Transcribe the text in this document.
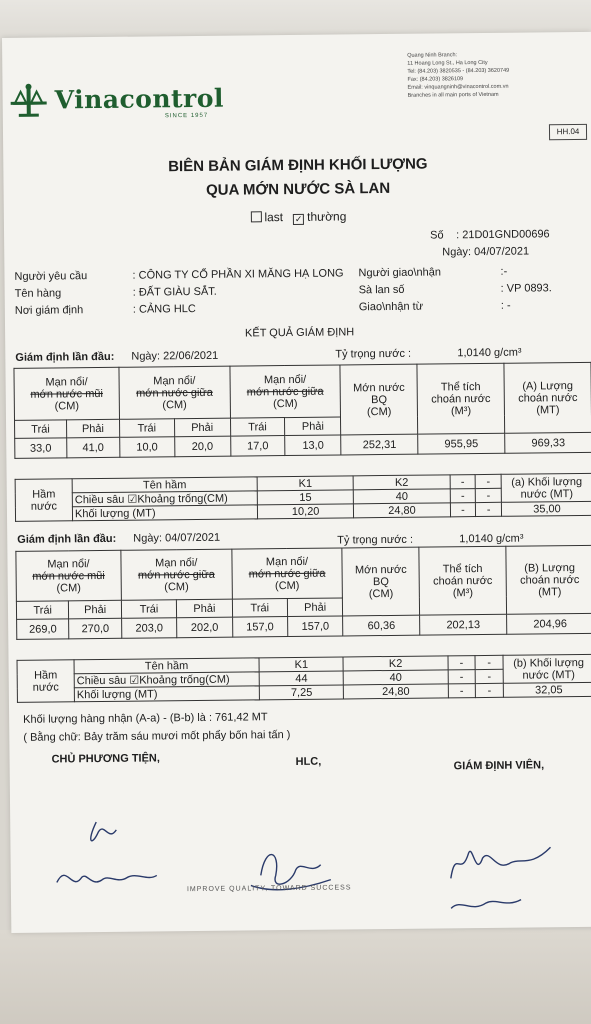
Vinacontrol
SINCE 1957
Quang Ninh Branch:
11 Hoang Long St., Ha Long City
Tel: (84.203) 3820535 - (84.203) 3620749
Fax: (84.203) 3826109
Email: vinquangninh@vinacontrol.com.vn
Branches in all main ports of Vietnam
HH.04
BIÊN BẢN GIÁM ĐỊNH KHỐI LƯỢNG
QUA MỚN NƯỚC SÀ LAN
last ✓ thường
Số : 21D01GND00696
Ngày: 04/07/2021
Người yêu cầu	: CÔNG TY CỔ PHẦN XI MĂNG HẠ LONG Người giao\nhận	:-
Tên hàng	: ĐẤT GIÀU SẮT.	Sà lan số	: VP 0893.
Nơi giám định	: CẢNG HLC	Giao\nhận từ	: -
KẾT QUẢ GIÁM ĐỊNH
Giám định lần đầu: Ngày: 22/06/2021	Tỷ trọng nước :	1,0140 g/cm³
Mạn nổi/
mớn nước mũi
(CM)		Mạn nổi/
mớn nước giữa
(CM)		Mạn nổi/
mớn nước giữa
(CM)		Mớn nước
BQ
(CM)	Thể tích
choán nước
(M³)	(A) Lượng
choán nước
(MT)
Trái	Phải	Trái	Phải	Trái	Phải			
33,0	41,0	10,0	20,0	17,0	13,0	252,31	955,95	969,33
Hầm
nước	Tên hầm	K1	K2	-	-	(a) Khối lượng nước (MT)
	Chiều sâu ☑Khoảng trống(CM)	15	40	-	-	
	Khối lượng (MT)	10,20	24,80	-	-	35,00
Giám định lần đầu: Ngày: 04/07/2021	Tỷ trọng nước :	1,0140 g/cm³
Mạn nổi/
mớn nước mũi
(CM)		Mạn nổi/
mớn nước giữa
(CM)		Mạn nổi/
mớn nước giữa
(CM)		Mớn nước
BQ
(CM)	Thể tích
choán nước
(M³)	(B) Lượng
choán nước
(MT)
Trái	Phải	Trái	Phải	Trái	Phải			
269,0	270,0	203,0	202,0	157,0	157,0	60,36	202,13	204,96
Hầm
nước	Tên hầm	K1	K2	-	-	(b) Khối lượng nước (MT)
	Chiều sâu ☑Khoảng trống(CM)	44	40	-	-	
	Khối lượng (MT)	7,25	24,80	-	-	32,05
Khối lượng hàng nhận (A-a) - (B-b) là : 761,42 MT
( Bằng chữ: Bảy trăm sáu mươi mốt phẩy bốn hai tấn )
CHỦ PHƯƠNG TIỆN,	HLC,	GIÁM ĐỊNH VIÊN,
IMPROVE QUALITY, TOWARD SUCCESS
